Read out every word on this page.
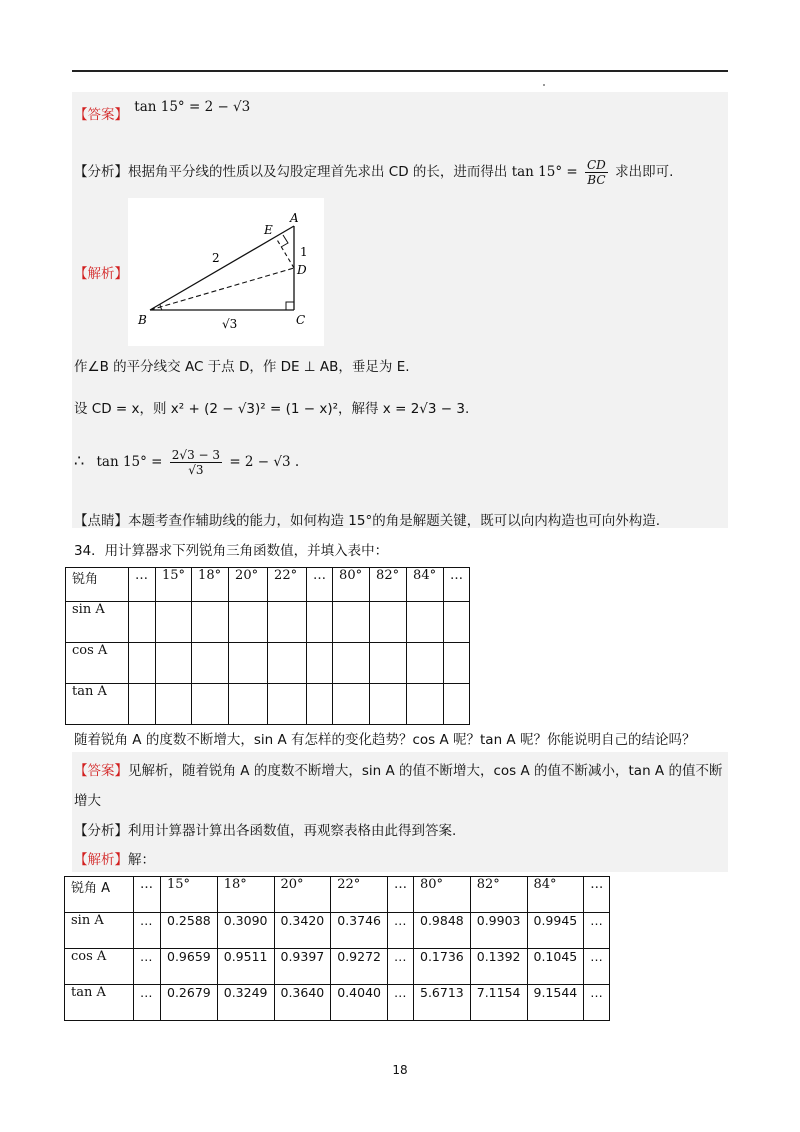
【答案】 tan 15° = 2 − √3
【分析】根据角平分线的性质以及勾股定理首先求出 CD 的长，进而得出 $\tan 15^\circ = \frac{CD}{BC}$ 求出即可.
【解析】
A
B	C
D
E
2	1
√3
作∠B 的平分线交 AC 于点 D，作 DE ⊥ AB，垂足为 E.
设 CD = x，则 x² + (2 − √3)² = (1 − x)²，解得 x = 2√3 − 3.
∴ $\tan 15^\circ = \frac{2√3 - 3}{√3} = 2 - √3$ .
【点睛】本题考查作辅助线的能力，如何构造 15°的角是解题关键，既可以向内构造也可向外构造.
34．用计算器求下列锐角三角函数值，并填入表中：
锐角	…	15°	18°	20°	22°	…	80°	82°	84°	…
sin A										
cos A										
tan A										
随着锐角 A 的度数不断增大，sin A 有怎样的变化趋势？cos A 呢？tan A 呢？你能说明自己的结论吗？
【答案】见解析，随着锐角 A 的度数不断增大，sin A 的值不断增大，cos A 的值不断减小，tan A 的值不断
增大
【分析】利用计算器计算出各函数值，再观察表格由此得到答案.
【解析】解：
锐角 A	…	15°	18°	20°	22°	…	80°	82°	84°	…
sin A	…	0.2588	0.3090	0.3420	0.3746	…	0.9848	0.9903	0.9945	…
cos A	…	0.9659	0.9511	0.9397	0.9272	…	0.1736	0.1392	0.1045	…
tan A	…	0.2679	0.3249	0.3640	0.4040	…	5.6713	7.1154	9.1544	…
18
